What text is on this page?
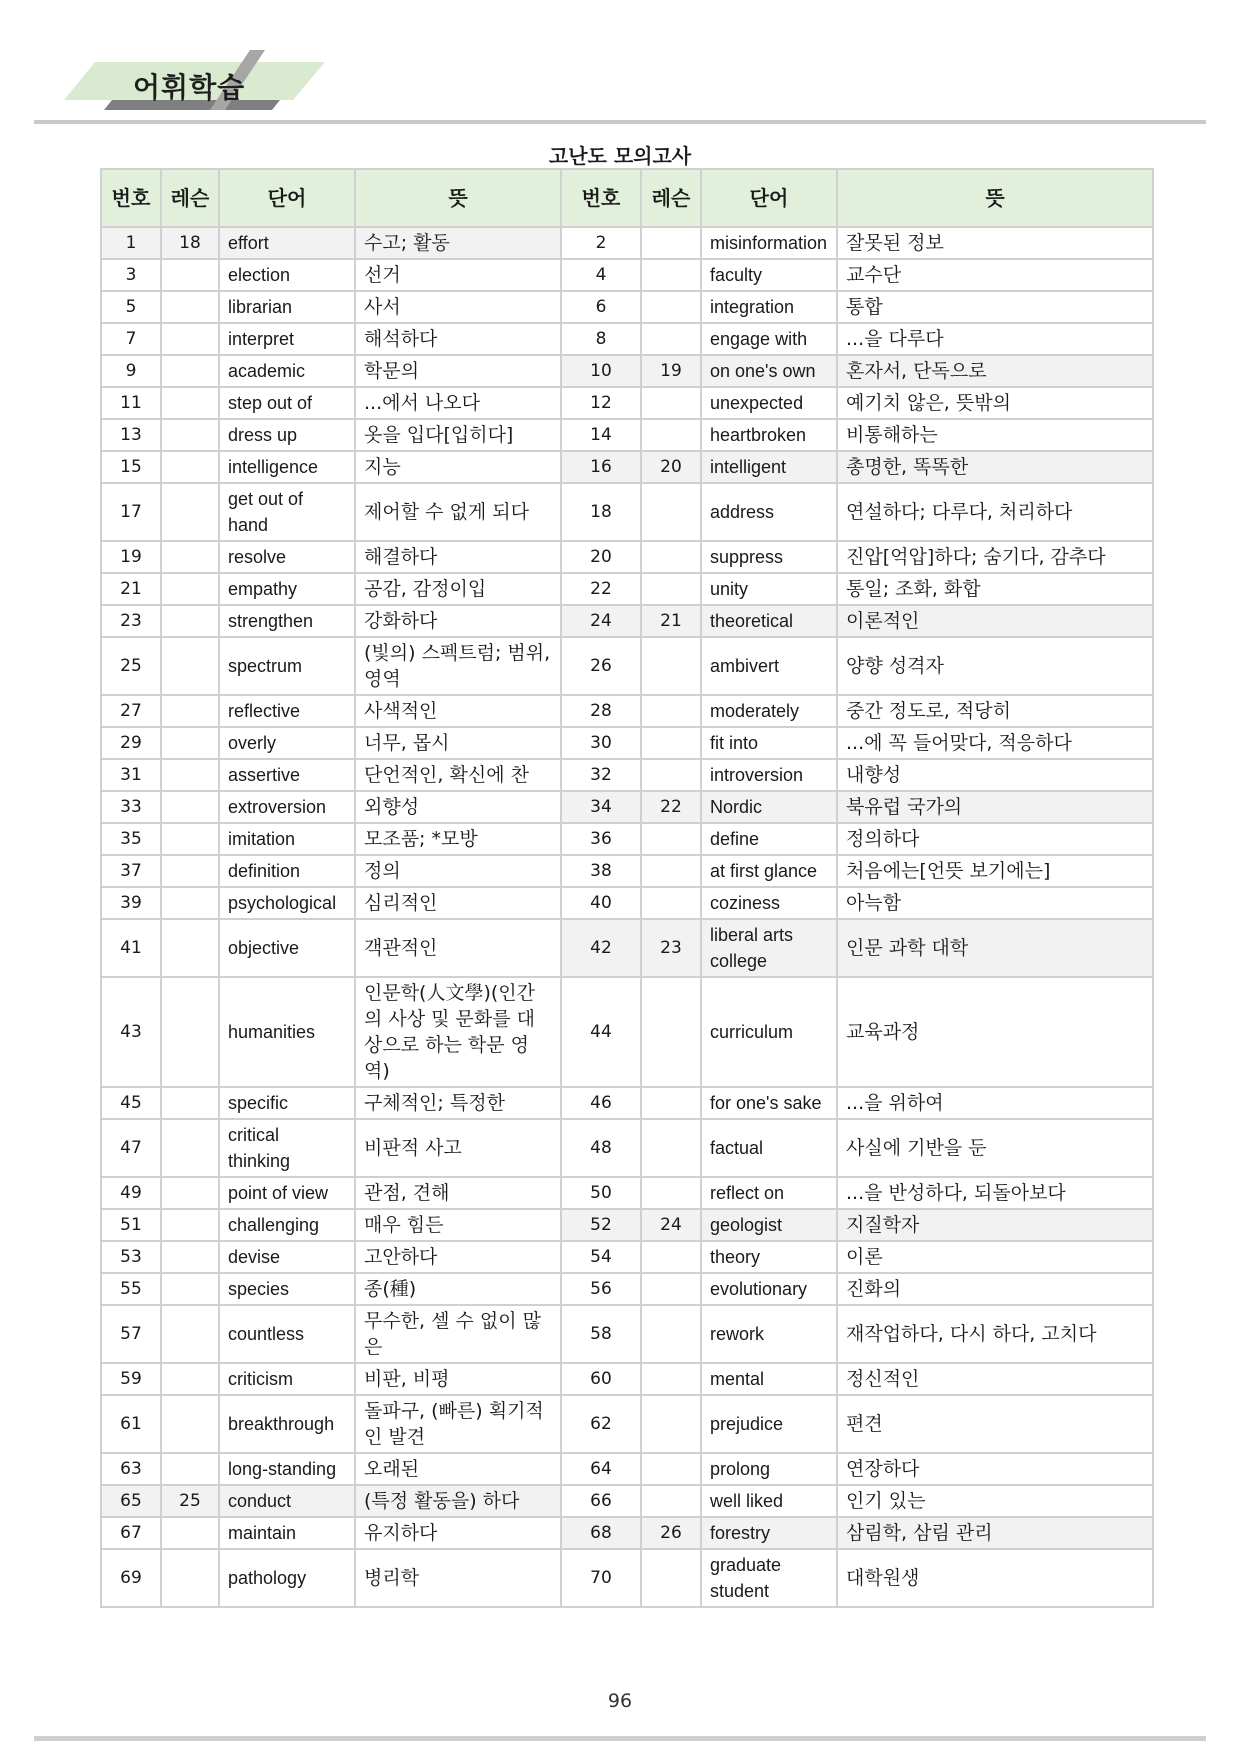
어휘학습
고난도 모의고사
번호	레슨	단어	뜻	번호	레슨	단어	뜻
1	18	effort	수고; 활동	2		misinformation	잘못된 정보
3		election	선거	4		faculty	교수단
5		librarian	사서	6		integration	통합
7		interpret	해석하다	8		engage with	...을 다루다
9		academic	학문의	10	19	on one's own	혼자서, 단독으로
11		step out of	...에서 나오다	12		unexpected	예기치 않은, 뜻밖의
13		dress up	옷을 입다[입히다]	14		heartbroken	비통해하는
15		intelligence	지능	16	20	intelligent	총명한, 똑똑한
17		get out of hand	제어할 수 없게 되다	18		address	연설하다; 다루다, 처리하다
19		resolve	해결하다	20		suppress	진압[억압]하다; 숨기다, 감추다
21		empathy	공감, 감정이입	22		unity	통일; 조화, 화합
23		strengthen	강화하다	24	21	theoretical	이론적인
25		spectrum	(빛의) 스펙트럼; 범위, 영역	26		ambivert	양향 성격자
27		reflective	사색적인	28		moderately	중간 정도로, 적당히
29		overly	너무, 몹시	30		fit into	...에 꼭 들어맞다, 적응하다
31		assertive	단언적인, 확신에 찬	32		introversion	내향성
33		extroversion	외향성	34	22	Nordic	북유럽 국가의
35		imitation	모조품; *모방	36		define	정의하다
37		definition	정의	38		at first glance	처음에는[언뜻 보기에는]
39		psychological	심리적인	40		coziness	아늑함
41		objective	객관적인	42	23	liberal arts college	인문 과학 대학
43		humanities	인문학(人文學)(인간의 사상 및 문화를 대상으로 하는 학문 영역)	44		curriculum	교육과정
45		specific	구체적인; 특정한	46		for one's sake	...을 위하여
47		critical thinking	비판적 사고	48		factual	사실에 기반을 둔
49		point of view	관점, 견해	50		reflect on	...을 반성하다, 되돌아보다
51		challenging	매우 힘든	52	24	geologist	지질학자
53		devise	고안하다	54		theory	이론
55		species	종(種)	56		evolutionary	진화의
57		countless	무수한, 셀 수 없이 많은	58		rework	재작업하다, 다시 하다, 고치다
59		criticism	비판, 비평	60		mental	정신적인
61		breakthrough	돌파구, (빠른) 획기적인 발견	62		prejudice	편견
63		long-standing	오래된	64		prolong	연장하다
65	25	conduct	(특정 활동을) 하다	66		well liked	인기 있는
67		maintain	유지하다	68	26	forestry	삼림학, 삼림 관리
69		pathology	병리학	70		graduate student	대학원생
96
